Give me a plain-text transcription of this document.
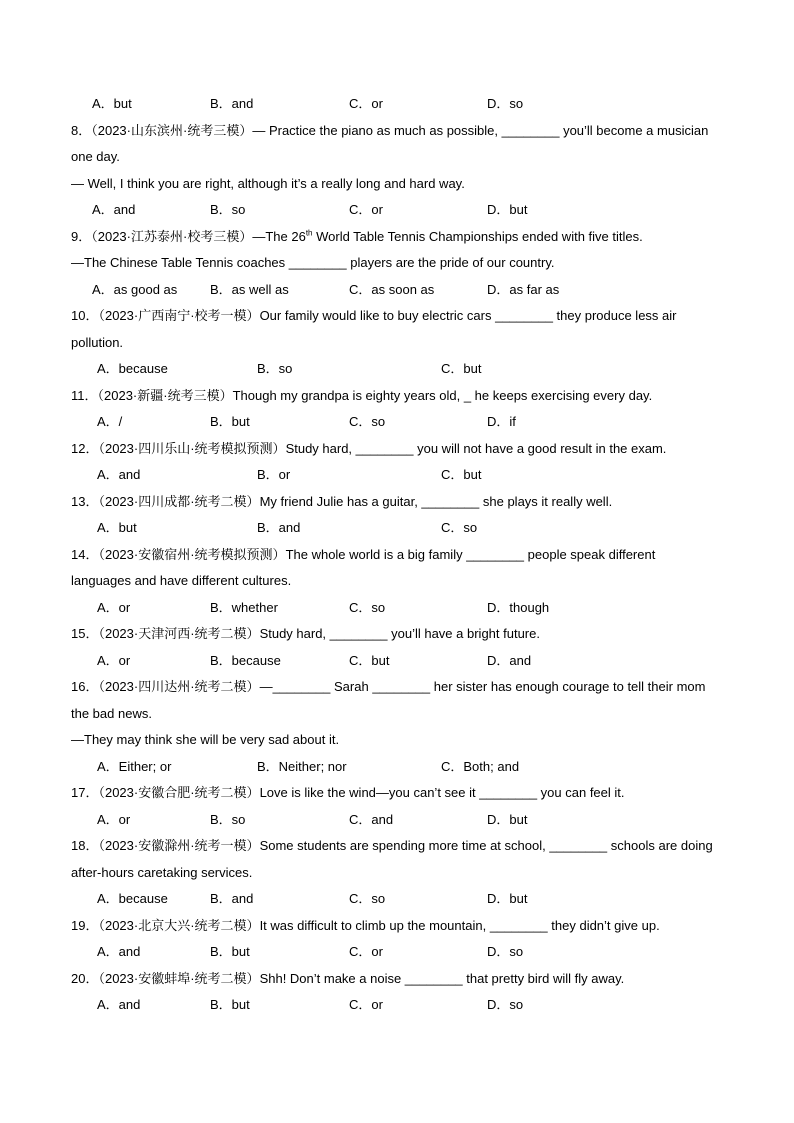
A．but	B．and	C．or	D．so
8．（2023·山东滨州·统考三模）— Practice the piano as much as possible, ________ you’ll become a musician
one day.
— Well, I think you are right, although it’s a really long and hard way.
A．and	B．so	C．or	D．but
9．（2023·江苏泰州·校考三模）—The 26th World Table Tennis Championships ended with five titles.
—The Chinese Table Tennis coaches ________ players are the pride of our country.
A．as good as	B．as well as	C．as soon as	D．as far as
10．（2023·广西南宁·校考一模）Our family would like to buy electric cars ________ they produce less air
pollution.
A．because	B．so	C．but
11．（2023·新疆·统考三模）Though my grandpa is eighty years old, _ he keeps exercising every day.
A．/	B．but	C．so	D．if
12．（2023·四川乐山·统考模拟预测）Study hard, ________ you will not have a good result in the exam.
A．and	B．or	C．but
13．（2023·四川成都·统考二模）My friend Julie has a guitar, ________ she plays it really well.
A．but	B．and	C．so
14．（2023·安徽宿州·统考模拟预测）The whole world is a big family ________ people speak different
languages and have different cultures.
A．or	B．whether	C．so	D．though
15．（2023·天津河西·统考二模）Study hard, ________ you’ll have a bright future.
A．or	B．because	C．but	D．and
16．（2023·四川达州·统考二模）—________ Sarah ________ her sister has enough courage to tell their mom
the bad news.
—They may think she will be very sad about it.
A．Either; or	B．Neither; nor	C．Both; and
17．（2023·安徽合肥·统考二模）Love is like the wind—you can’t see it ________ you can feel it.
A．or	B．so	C．and	D．but
18．（2023·安徽滁州·统考一模）Some students are spending more time at school, ________ schools are doing
after-hours caretaking services.
A．because	B．and	C．so	D．but
19．（2023·北京大兴·统考二模）It was difficult to climb up the mountain, ________ they didn’t give up.
A．and	B．but	C．or	D．so
20．（2023·安徽蚌埠·统考二模）Shh! Don’t make a noise ________ that pretty bird will fly away.
A．and	B．but	C．or	D．so
